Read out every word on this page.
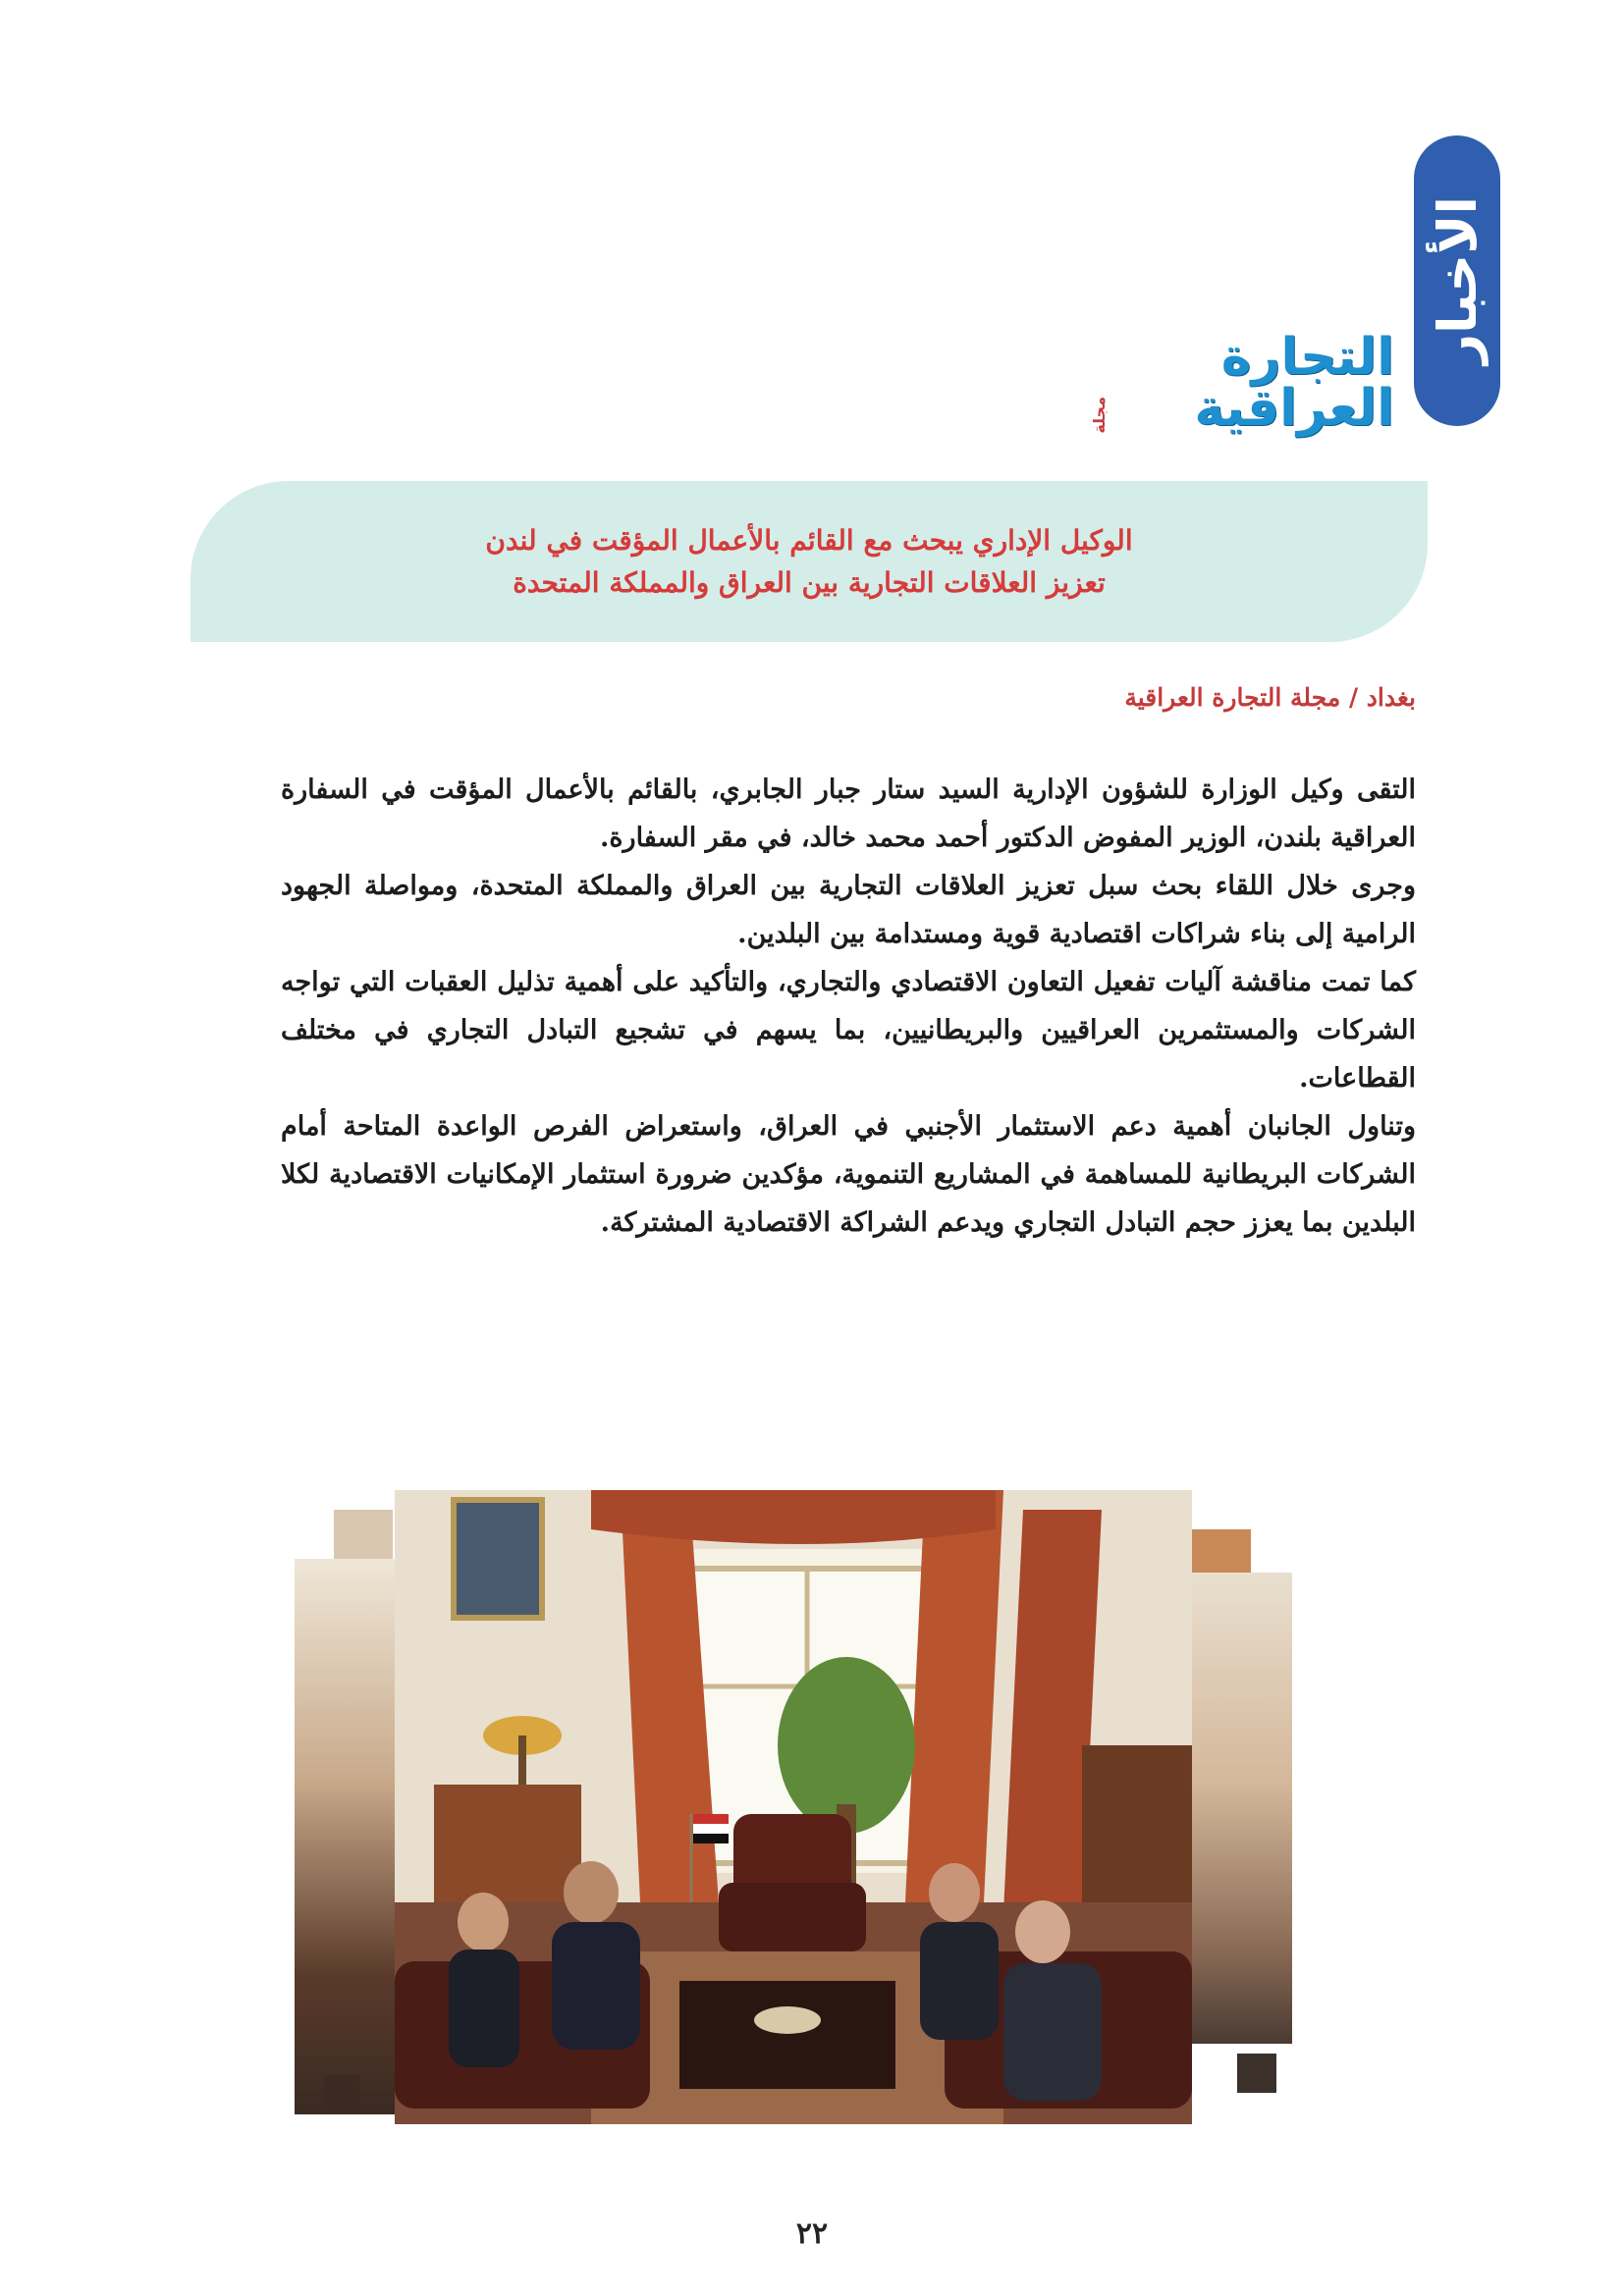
الأخبار
التجارة العراقية
مجلة
الوكيل الإداري يبحث مع القائم بالأعمال المؤقت في لندن
تعزيز العلاقات التجارية بين العراق والمملكة المتحدة
بغداد / مجلة التجارة العراقية

التقى وكيل الوزارة للشؤون الإدارية السيد ستار جبار الجابري، بالقائم بالأعمال المؤقت في السفارة العراقية بلندن، الوزير المفوض الدكتور أحمد محمد خالد، في مقر السفارة.

وجرى خلال اللقاء بحث سبل تعزيز العلاقات التجارية بين العراق والمملكة المتحدة، ومواصلة الجهود الرامية إلى بناء شراكات اقتصادية قوية ومستدامة بين البلدين.

كما تمت مناقشة آليات تفعيل التعاون الاقتصادي والتجاري، والتأكيد على أهمية تذليل العقبات التي تواجه الشركات والمستثمرين العراقيين والبريطانيين، بما يسهم في تشجيع التبادل التجاري في مختلف القطاعات.

وتناول الجانبان أهمية دعم الاستثمار الأجنبي في العراق، واستعراض الفرص الواعدة المتاحة أمام الشركات البريطانية للمساهمة في المشاريع التنموية، مؤكدين ضرورة استثمار الإمكانيات الاقتصادية لكلا البلدين بما يعزز حجم التبادل التجاري ويدعم الشراكة الاقتصادية المشتركة.

٢٢
